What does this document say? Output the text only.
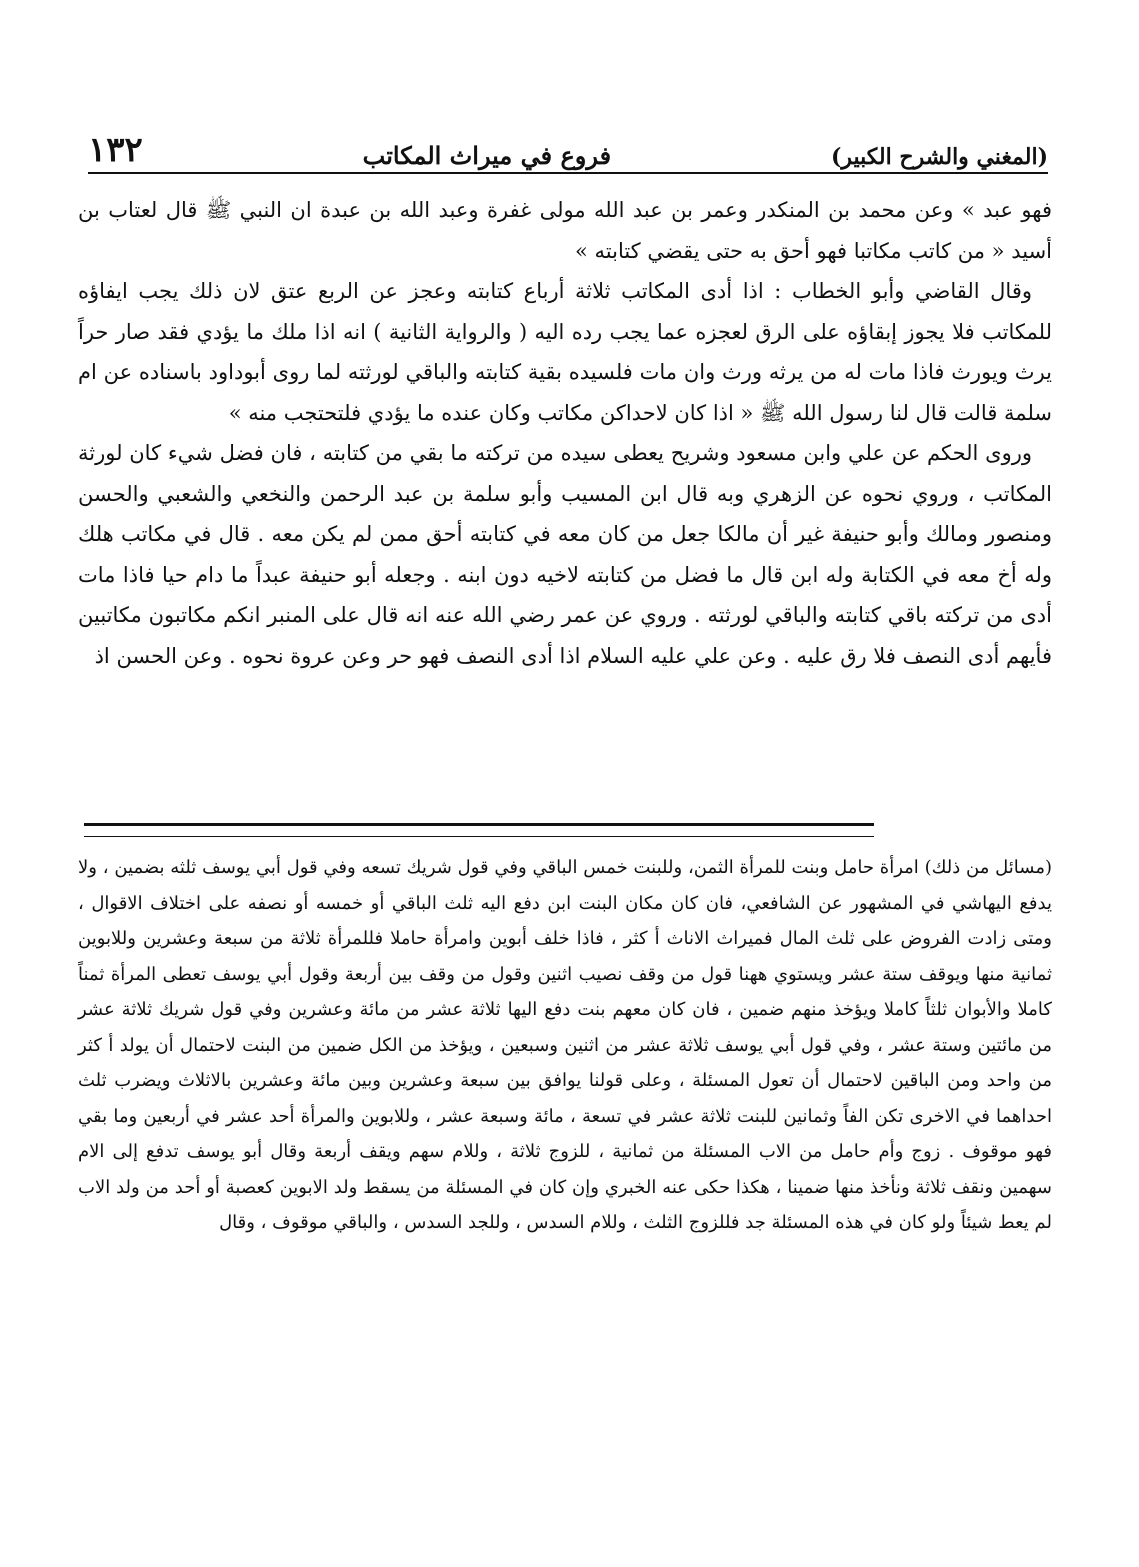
١٣٢	فروع في ميراث المكاتب	(المغني والشرح الكبير)

فهو عبد » وعن محمد بن المنكدر وعمر بن عبد الله مولى غفرة وعبد الله بن عبدة ان النبي ﷺ قال لعتاب بن أسيد « من كاتب مكاتبا فهو أحق به حتى يقضي كتابته »

وقال القاضي وأبو الخطاب : اذا أدى المكاتب ثلاثة أرباع كتابته وعجز عن الربع عتق لان ذلك يجب ايفاؤه للمكاتب فلا يجوز إبقاؤه على الرق لعجزه عما يجب رده اليه ( والرواية الثانية ) انه اذا ملك ما يؤدي فقد صار حراً يرث ويورث فاذا مات له من يرثه ورث وان مات فلسيده بقية كتابته والباقي لورثته لما روى أبوداود باسناده عن ام سلمة قالت قال لنا رسول الله ﷺ « اذا كان لاحداكن مكاتب وكان عنده ما يؤدي فلتحتجب منه »

وروى الحكم عن علي وابن مسعود وشريح يعطى سيده من تركته ما بقي من كتابته ، فان فضل شيء كان لورثة المكاتب ، وروي نحوه عن الزهري وبه قال ابن المسيب وأبو سلمة بن عبد الرحمن والنخعي والشعبي والحسن ومنصور ومالك وأبو حنيفة غير أن مالكا جعل من كان معه في كتابته أحق ممن لم يكن معه . قال في مكاتب هلك وله أخ معه في الكتابة وله ابن قال ما فضل من كتابته لاخيه دون ابنه . وجعله أبو حنيفة عبداً ما دام حيا فاذا مات أدى من تركته باقي كتابته والباقي لورثته . وروي عن عمر رضي الله عنه انه قال على المنبر انكم مكاتبون مكاتبين فأيهم أدى النصف فلا رق عليه . وعن علي عليه السلام اذا أدى النصف فهو حر وعن عروة نحوه . وعن الحسن اذ

(مسائل من ذلك) امرأة حامل وبنت للمرأة الثمن، وللبنت خمس الباقي وفي قول شريك تسعه وفي قول أبي يوسف ثلثه بضمين ، ولا يدفع اليهاشي في المشهور عن الشافعي، فان كان مكان البنت ابن دفع اليه ثلث الباقي أو خمسه أو نصفه على اختلاف الاقوال ، ومتى زادت الفروض على ثلث المال فميراث الاناث أ كثر ، فاذا خلف أبوين وامرأة حاملا فللمرأة ثلاثة من سبعة وعشرين وللابوين ثمانية منها ويوقف ستة عشر ويستوي ههنا قول من وقف نصيب اثنين وقول من وقف بين أربعة وقول أبي يوسف تعطى المرأة ثمناً كاملا والأبوان ثلثاً كاملا ويؤخذ منهم ضمين ، فان كان معهم بنت دفع اليها ثلاثة عشر من مائة وعشرين وفي قول شريك ثلاثة عشر من مائتين وستة عشر ، وفي قول أبي يوسف ثلاثة عشر من اثنين وسبعين ، ويؤخذ من الكل ضمين من البنت لاحتمال أن يولد أ كثر من واحد ومن الباقين لاحتمال أن تعول المسئلة ، وعلى قولنا يوافق بين سبعة وعشرين وبين مائة وعشرين بالاثلاث ويضرب ثلث احداهما في الاخرى تكن الفاً وثمانين للبنت ثلاثة عشر في تسعة ، مائة وسبعة عشر ، وللابوين والمرأة أحد عشر في أربعين وما بقي فهو موقوف . زوج وأم حامل من الاب المسئلة من ثمانية ، للزوج ثلاثة ، وللام سهم ويقف أربعة وقال أبو يوسف تدفع إلى الام سهمين ونقف ثلاثة ونأخذ منها ضمينا ، هكذا حكى عنه الخبري وإن كان في المسئلة من يسقط ولد الابوين كعصبة أو أحد من ولد الاب لم يعط شيئاً ولو كان في هذه المسئلة جد فللزوج الثلث ، وللام السدس ، وللجد السدس ، والباقي موقوف ، وقال
